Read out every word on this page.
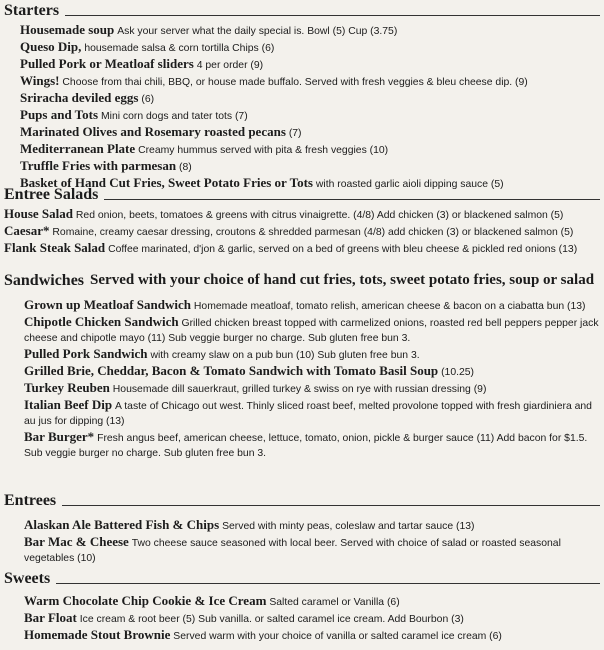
Starters
Housemade soup Ask your server what the daily special is. Bowl (5) Cup (3.75)
Queso Dip, housemade salsa & corn tortilla Chips (6)
Pulled Pork or Meatloaf sliders 4 per order (9)
Wings! Choose from thai chili, BBQ, or house made buffalo. Served with fresh veggies & bleu cheese dip. (9)
Sriracha deviled eggs (6)
Pups and Tots Mini corn dogs and tater tots (7)
Marinated Olives and Rosemary roasted pecans (7)
Mediterranean Plate Creamy hummus served with pita & fresh veggies (10)
Truffle Fries with parmesan (8)
Basket of Hand Cut Fries, Sweet Potato Fries or Tots with roasted garlic aioli dipping sauce (5)
Entree Salads
House Salad Red onion, beets, tomatoes & greens with citrus vinaigrette. (4/8) Add chicken (3) or blackened salmon (5)
Caesar* Romaine, creamy caesar dressing, croutons & shredded parmesan (4/8) add chicken (3) or blackened salmon (5)
Flank Steak Salad Coffee marinated, d'jon & garlic, served on a bed of greens with bleu cheese & pickled red onions (13)
Sandwiches Served with your choice of hand cut fries, tots, sweet potato fries, soup or salad
Grown up Meatloaf Sandwich Homemade meatloaf, tomato relish, american cheese & bacon on a ciabatta bun (13)
Chipotle Chicken Sandwich Grilled chicken breast topped with carmelized onions, roasted red bell peppers pepper jack cheese and chipotle mayo (11) Sub veggie burger no charge. Sub gluten free bun 3.
Pulled Pork Sandwich with creamy slaw on a pub bun (10) Sub gluten free bun 3.
Grilled Brie, Cheddar, Bacon & Tomato Sandwich with Tomato Basil Soup (10.25)
Turkey Reuben Housemade dill sauerkraut, grilled turkey & swiss on rye with russian dressing (9)
Italian Beef Dip A taste of Chicago out west. Thinly sliced roast beef, melted provolone topped with fresh giardiniera and au jus for dipping (13)
Bar Burger* Fresh angus beef, american cheese, lettuce, tomato, onion, pickle & burger sauce (11) Add bacon for $1.5. Sub veggie burger no charge. Sub gluten free bun 3.
Entrees
Alaskan Ale Battered Fish & Chips Served with minty peas, coleslaw and tartar sauce (13)
Bar Mac & Cheese Two cheese sauce seasoned with local beer. Served with choice of salad or roasted seasonal vegetables (10)
Sweets
Warm Chocolate Chip Cookie & Ice Cream Salted caramel or Vanilla (6)
Bar Float Ice cream & root beer (5) Sub vanilla. or salted caramel ice cream. Add Bourbon (3)
Homemade Stout Brownie Served warm with your choice of vanilla or salted caramel ice cream (6)
